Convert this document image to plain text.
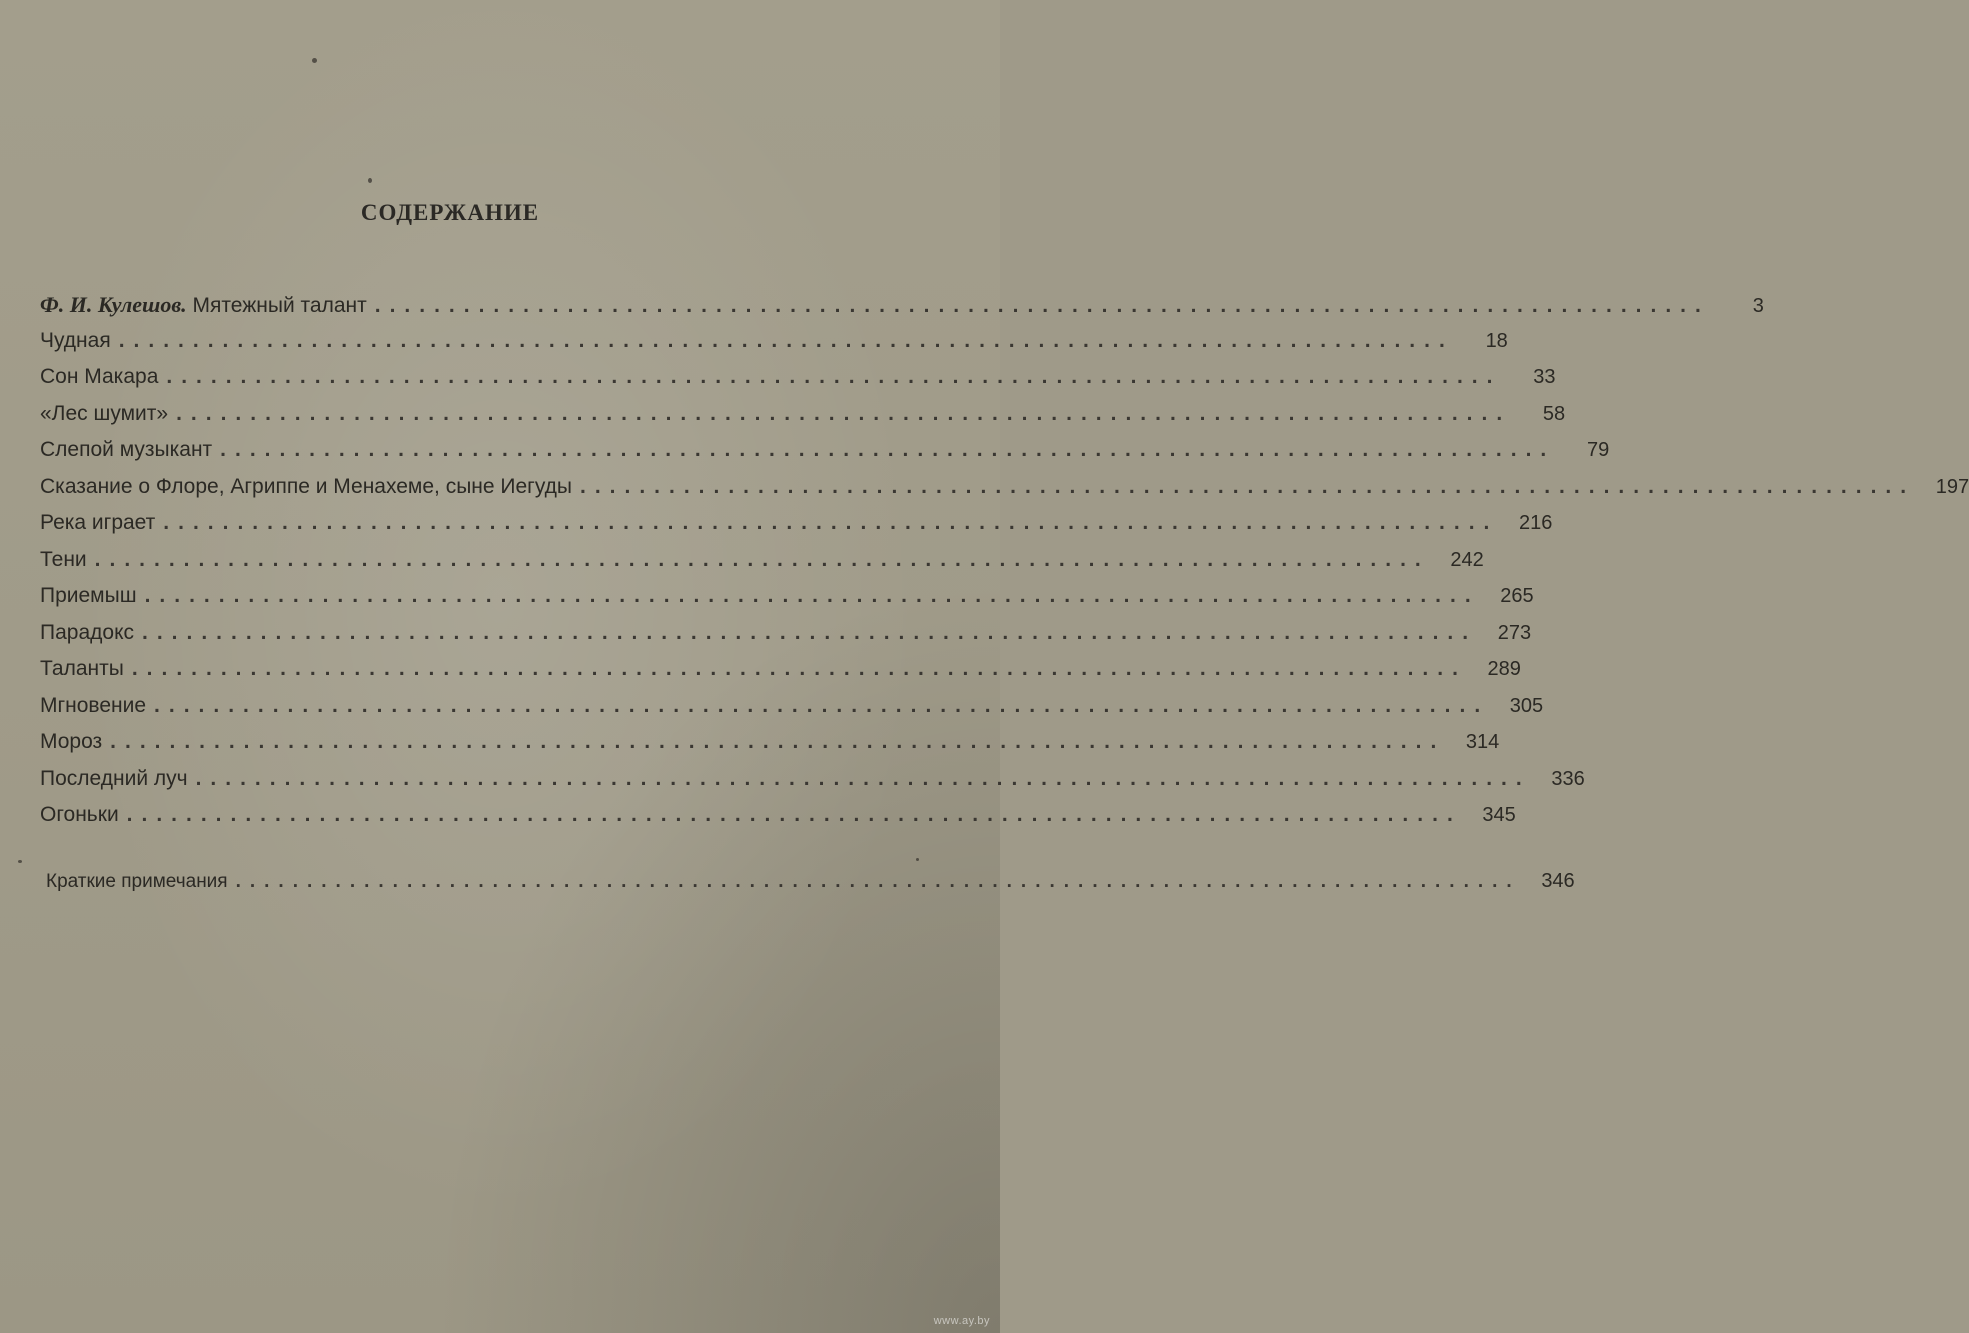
СОДЕРЖАНИЕ
Ф. И. Кулешов. Мятежный талант ..........................................................................................	3
Чудная ..........................................................................................	18
Сон Макара ..........................................................................................	33
«Лес шумит» ..........................................................................................	58
Слепой музыкант ..........................................................................................	79
Сказание о Флоре, Агриппе и Менахеме, сыне Иегуды ..........................................................................................	197
Река играет ..........................................................................................	216
Тени ..........................................................................................	242
Приемыш ..........................................................................................	265
Парадокс ..........................................................................................	273
Таланты ..........................................................................................	289
Мгновение ..........................................................................................	305
Мороз ..........................................................................................	314
Последний луч ..........................................................................................	336
Огоньки ..........................................................................................	345
Краткие примечания ..........................................................................................	346
www.ay.by
